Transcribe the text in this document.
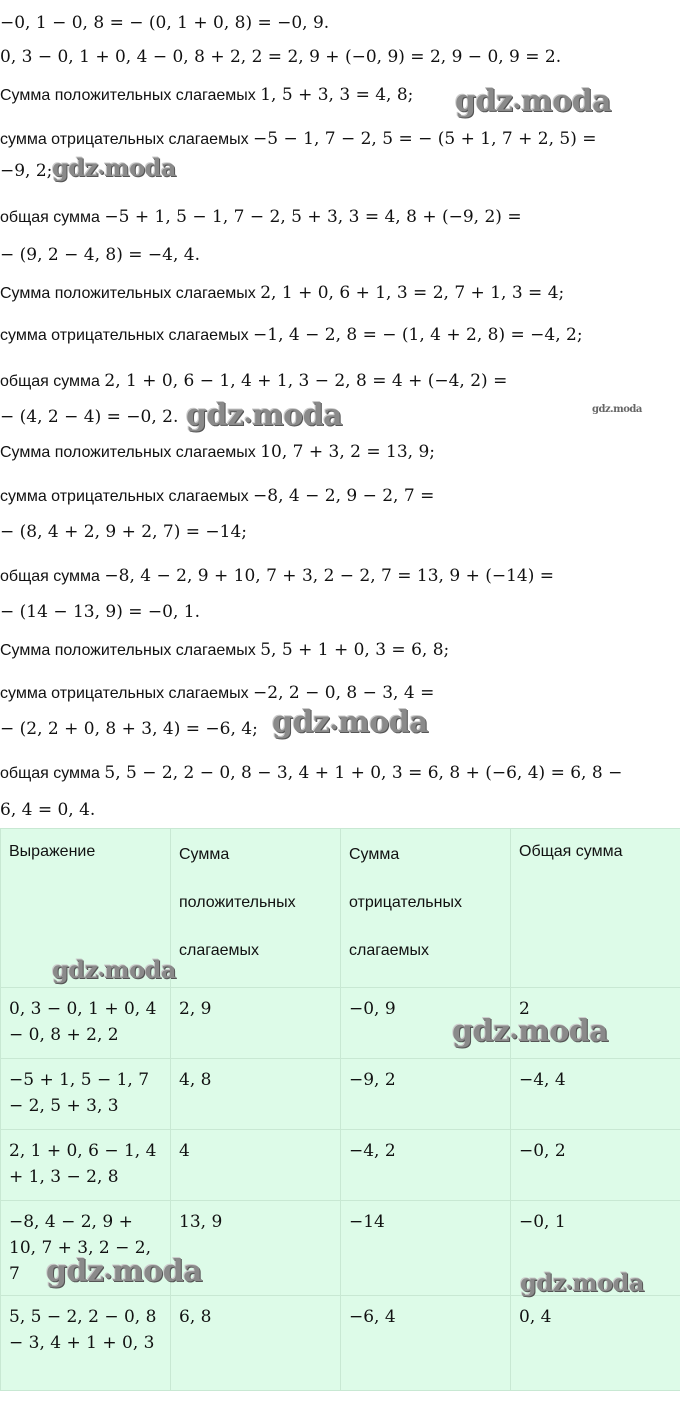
−0, 1 − 0, 8 = − (0, 1 + 0, 8) = −0, 9.
0, 3 − 0, 1 + 0, 4 − 0, 8 + 2, 2 = 2, 9 + (−0, 9) = 2, 9 − 0, 9 = 2.
Сумма положительных слагаемых 1, 5 + 3, 3 = 4, 8;
сумма отрицательных слагаемых −5 − 1, 7 − 2, 5 = − (5 + 1, 7 + 2, 5) =
−9, 2;
общая сумма −5 + 1, 5 − 1, 7 − 2, 5 + 3, 3 = 4, 8 + (−9, 2) =
− (9, 2 − 4, 8) = −4, 4.
Сумма положительных слагаемых 2, 1 + 0, 6 + 1, 3 = 2, 7 + 1, 3 = 4;
сумма отрицательных слагаемых −1, 4 − 2, 8 = − (1, 4 + 2, 8) = −4, 2;
общая сумма 2, 1 + 0, 6 − 1, 4 + 1, 3 − 2, 8 = 4 + (−4, 2) =
− (4, 2 − 4) = −0, 2.
Сумма положительных слагаемых 10, 7 + 3, 2 = 13, 9;
сумма отрицательных слагаемых −8, 4 − 2, 9 − 2, 7 =
− (8, 4 + 2, 9 + 2, 7) = −14;
общая сумма −8, 4 − 2, 9 + 10, 7 + 3, 2 − 2, 7 = 13, 9 + (−14) =
− (14 − 13, 9) = −0, 1.
Сумма положительных слагаемых 5, 5 + 1 + 0, 3 = 6, 8;
сумма отрицательных слагаемых −2, 2 − 0, 8 − 3, 4 =
− (2, 2 + 0, 8 + 3, 4) = −6, 4;
общая сумма 5, 5 − 2, 2 − 0, 8 − 3, 4 + 1 + 0, 3 = 6, 8 + (−6, 4) = 6, 8 −
6, 4 = 0, 4.
Выражение	Сумма положительных слагаемых	Сумма отрицательных слагаемых	Общая сумма
0, 3 − 0, 1 + 0, 4 − 0, 8 + 2, 2	2, 9	−0, 9	2
−5 + 1, 5 − 1, 7 − 2, 5 + 3, 3	4, 8	−9, 2	−4, 4
2, 1 + 0, 6 − 1, 4 + 1, 3 − 2, 8	4	−4, 2	−0, 2
−8, 4 − 2, 9 + 10, 7 + 3, 2 − 2, 7	13, 9	−14	−0, 1
5, 5 − 2, 2 − 0, 8 − 3, 4 + 1 + 0, 3	6, 8	−6, 4	0, 4
gdz•moda
gdz•moda
gdz•moda	gdz.moda
gdz•moda
gdz•moda
gdz•moda
gdz•moda	gdz•moda
